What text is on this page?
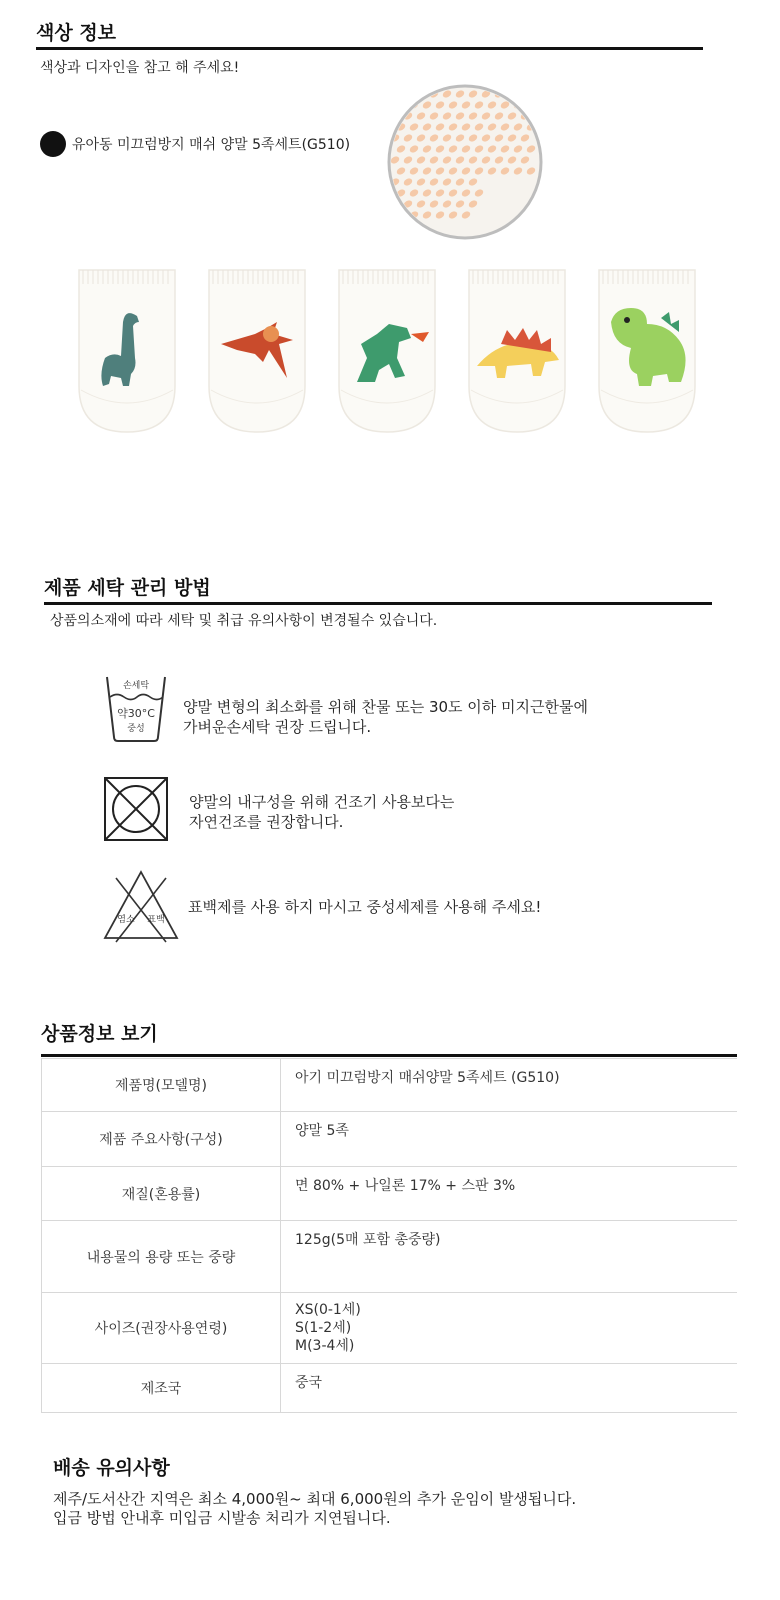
색상 정보
색상과 디자인을 참고 해 주세요!
유아동 미끄럼방지 매쉬 양말 5족세트(G510)
제품 세탁 관리 방법
상품의소재에 따라 세탁 및 취급 유의사항이 변경될수 있습니다.
손세탁
약30°C
중성
양말 변형의 최소화를 위해 찬물 또는 30도 이하 미지근한물에
가벼운손세탁 권장 드립니다.
양말의 내구성을 위해 건조기 사용보다는
자연건조를 권장합니다.
염소 표백
표백제를 사용 하지 마시고 중성세제를 사용해 주세요!
상품정보 보기
제품명(모델명)	아기 미끄럼방지 매쉬양말 5족세트 (G510)

제품 주요사항(구성)	양말 5족

재질(혼용률)	면 80% + 나일론 17% + 스판 3%

내용물의 용량 또는 중량	125g(5매 포함 총중량)

사이즈(권장사용연령)	XS(0-1세)
S(1-2세)
M(3-4세)

제조국	중국
배송 유의사항
제주/도서산간 지역은 최소 4,000원~ 최대 6,000원의 추가 운임이 발생됩니다.
입금 방법 안내후 미입금 시발송 처리가 지연됩니다.
